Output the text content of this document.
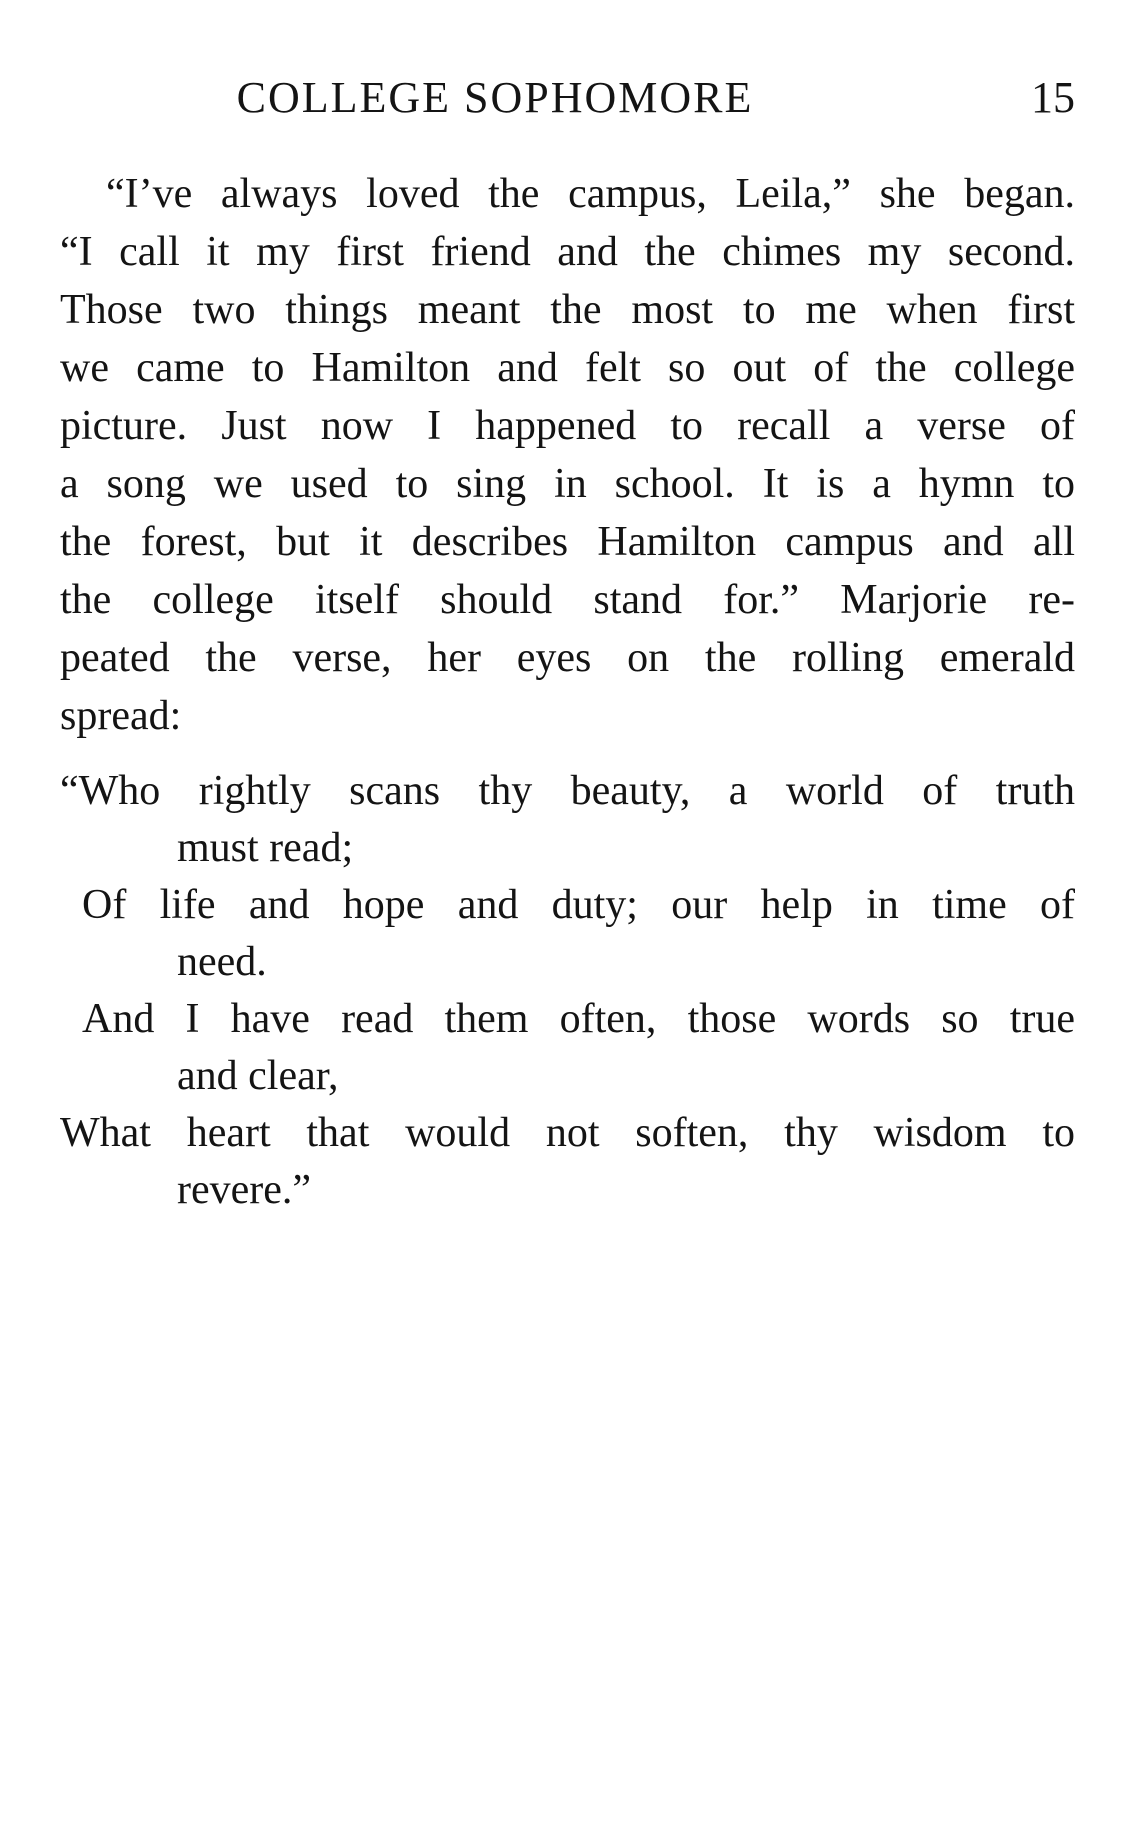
COLLEGE SOPHOMORE	15
“I’ve always loved the campus, Leila,” she began.
“I call it my first friend and the chimes my second.
Those two things meant the most to me when first
we came to Hamilton and felt so out of the college
picture. Just now I happened to recall a verse of
a song we used to sing in school. It is a hymn to
the forest, but it describes Hamilton campus and all
the college itself should stand for.” Marjorie re-
peated the verse, her eyes on the rolling emerald
spread:
“Who rightly scans thy beauty, a world of truth
must read;
Of life and hope and duty; our help in time of
need.
And I have read them often, those words so true
and clear,
What heart that would not soften, thy wisdom to
revere.”
